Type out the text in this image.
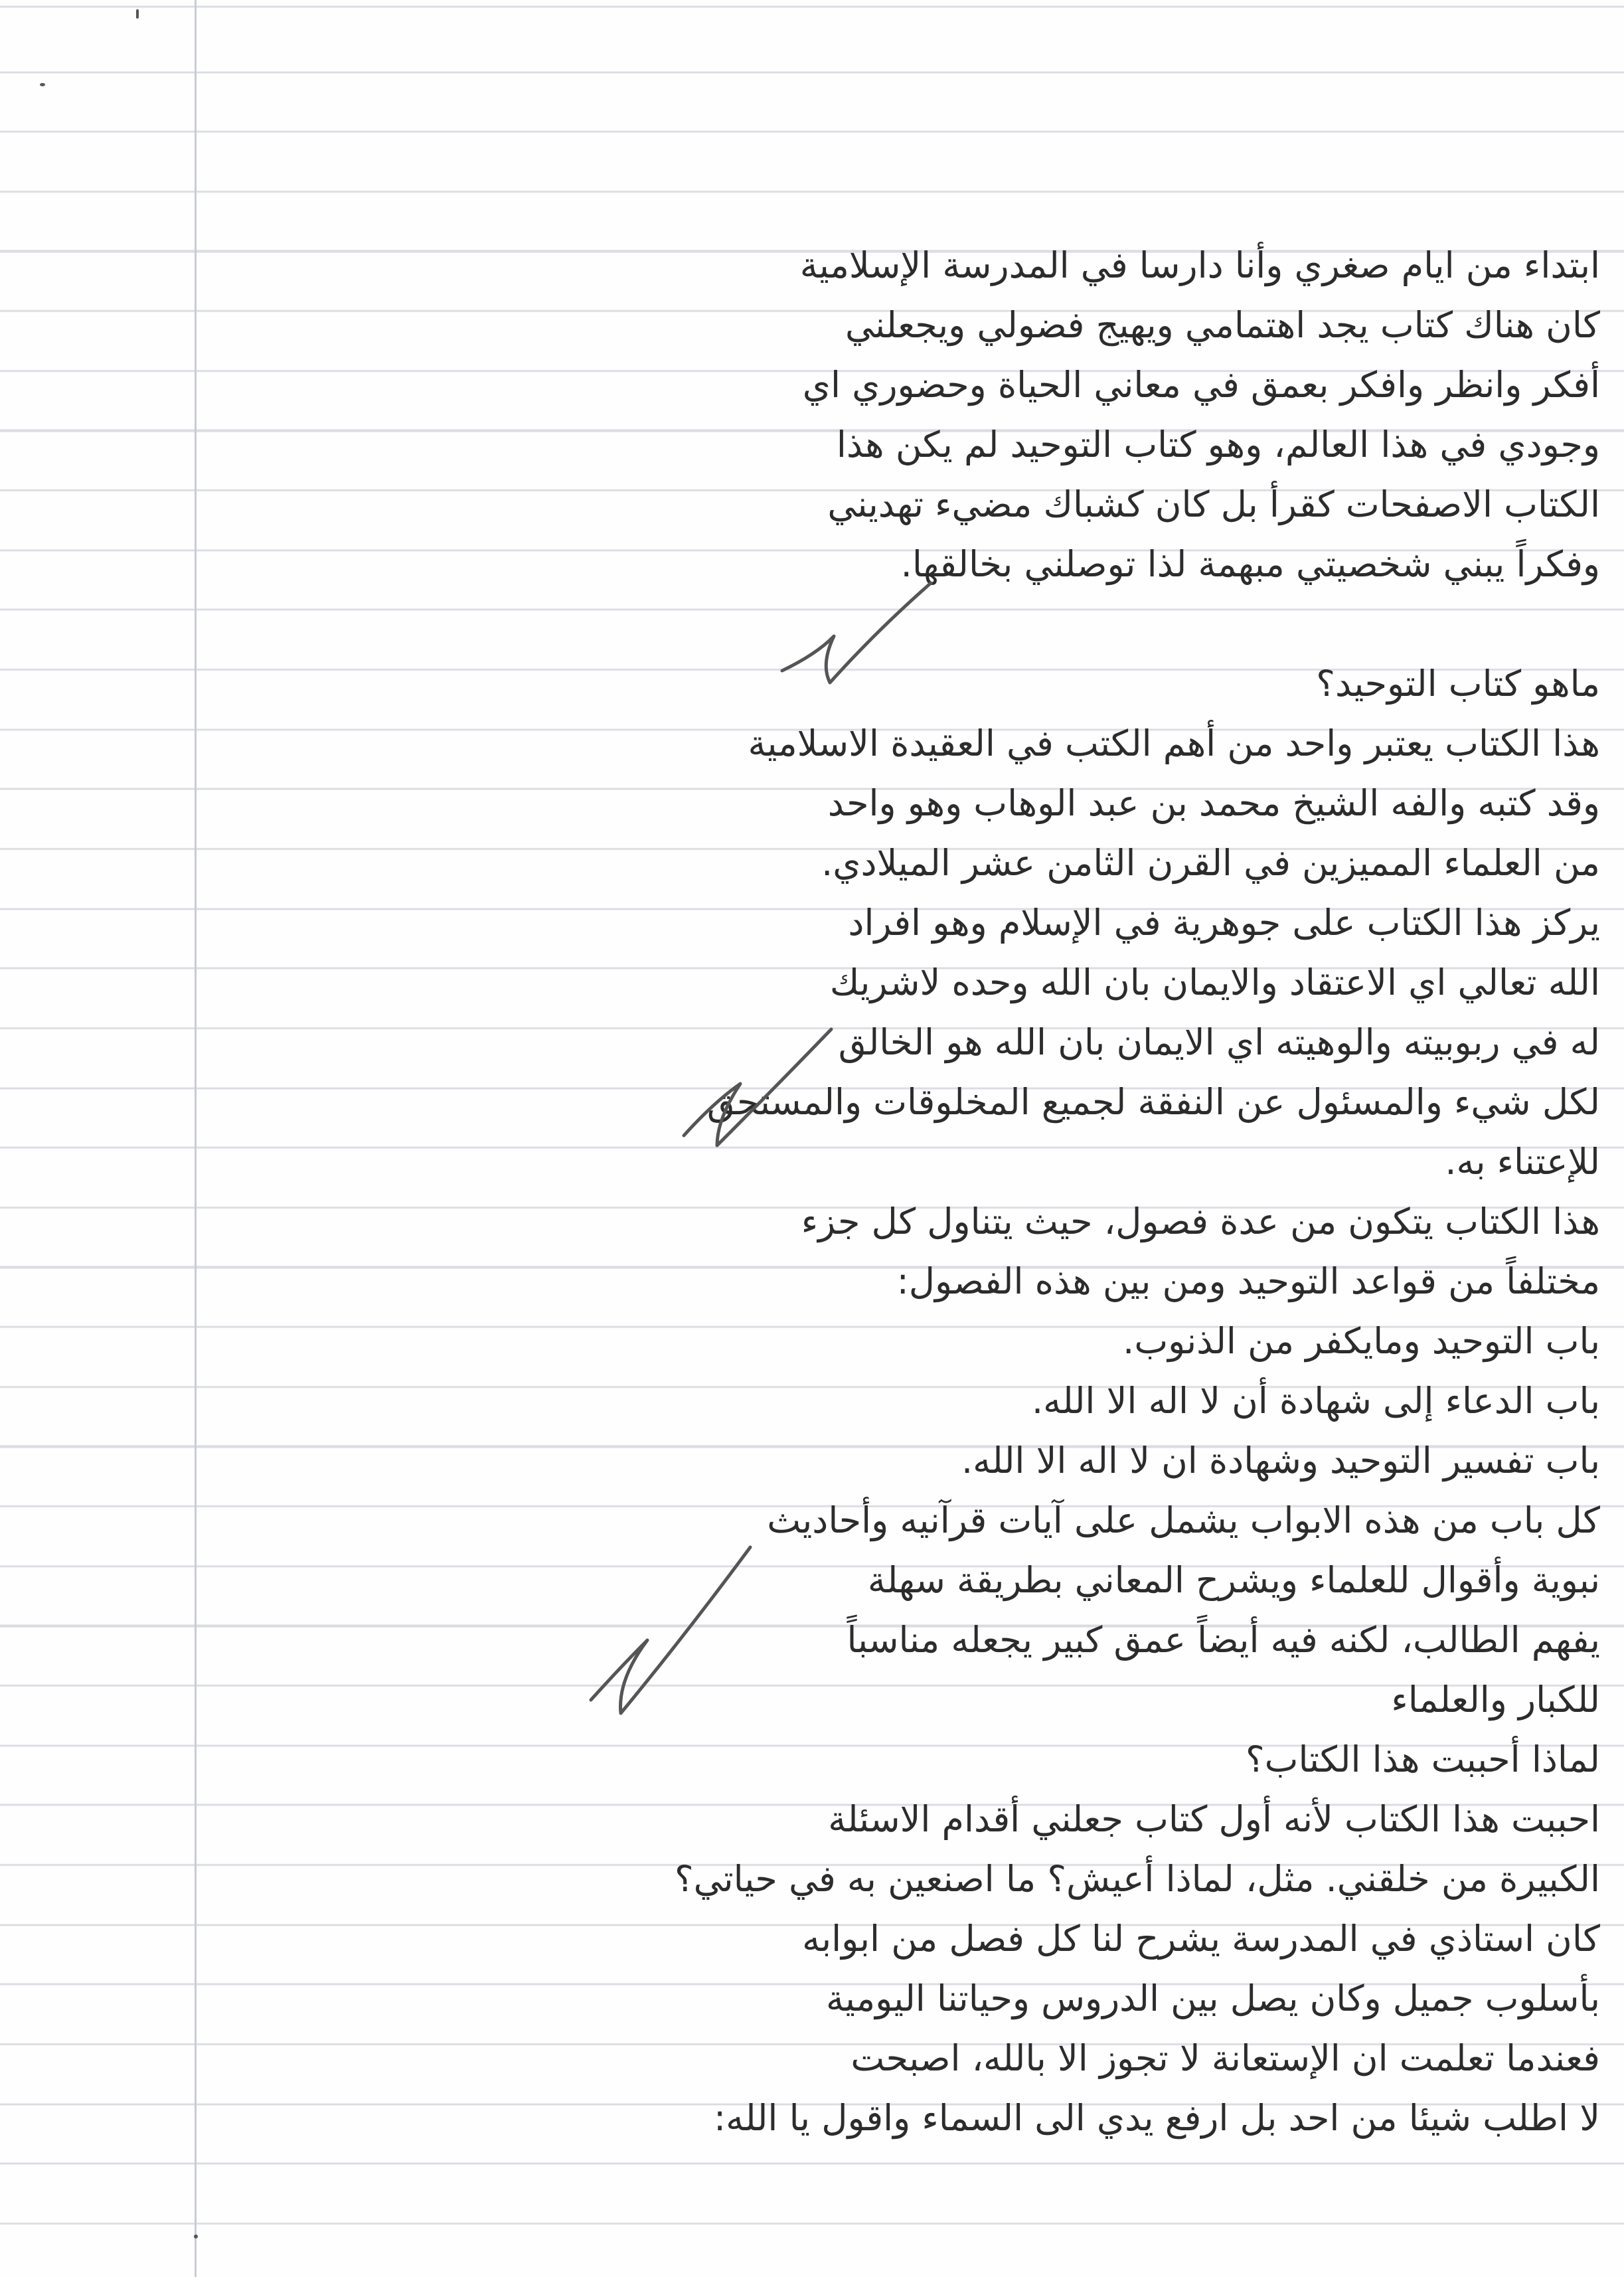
ابتداء من ايام صغري وأنا دارسا في المدرسة الإسلامية
كان هناك كتاب يجد اهتمامي ويهيج فضولي ويجعلني
أفكر وانظر وافكر بعمق في معاني الحياة وحضوري اي
وجودي في هذا العالم، وهو كتاب التوحيد لم يكن هذا
الكتاب الاصفحات كقرأ بل كان كشباك مضيء تهديني
وفكراً يبني شخصيتي مبهمة لذا توصلني بخالقها.
ماهو كتاب التوحيد؟
هذا الكتاب يعتبر واحد من أهم الكتب في العقيدة الاسلامية
وقد كتبه والفه الشيخ محمد بن عبد الوهاب وهو واحد
من العلماء المميزين في القرن الثامن عشر الميلادي.
يركز هذا الكتاب على جوهرية في الإسلام وهو افراد
الله تعالي اي الاعتقاد والايمان بان الله وحده لاشريك
له في ربوبيته والوهيته اي الايمان بان الله هو الخالق
لكل شيء والمسئول عن النفقة لجميع المخلوقات والمستحق
للإعتناء به.
هذا الكتاب يتكون من عدة فصول، حيث يتناول كل جزء
مختلفاً من قواعد التوحيد ومن بين هذه الفصول:
باب التوحيد ومايكفر من الذنوب.
باب الدعاء إلى شهادة أن لا اله الا الله.
باب تفسير التوحيد وشهادة ان لا اله الا الله.
كل باب من هذه الابواب يشمل على آيات قرآنيه وأحاديث
نبوية وأقوال للعلماء ويشرح المعاني بطريقة سهلة
يفهم الطالب، لكنه فيه أيضاً عمق كبير يجعله مناسباً
للكبار والعلماء
لماذا أحببت هذا الكتاب؟
احببت هذا الكتاب لأنه أول كتاب جعلني أقدام الاسئلة
الكبيرة من خلقني. مثل، لماذا أعيش؟ ما اصنعين به في حياتي؟
كان استاذي في المدرسة يشرح لنا كل فصل من ابوابه
بأسلوب جميل وكان يصل بين الدروس وحياتنا اليومية
فعندما تعلمت ان الإستعانة لا تجوز الا بالله، اصبحت
لا اطلب شيئا من احد بل ارفع يدي الى السماء واقول يا الله:
